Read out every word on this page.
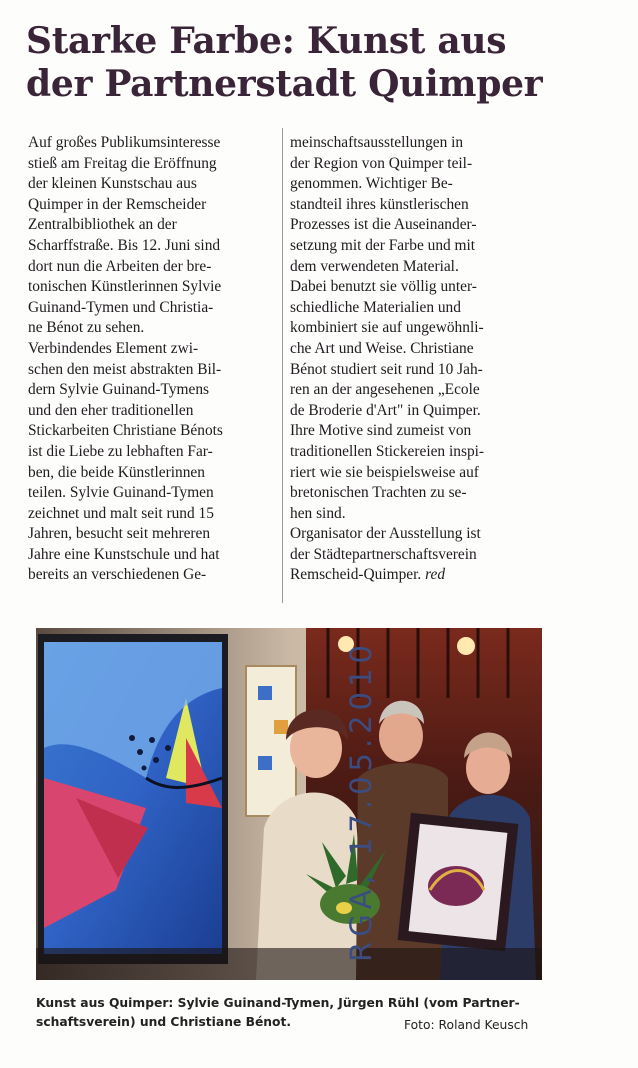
Starke Farbe: Kunst aus
der Partnerstadt Quimper
Auf großes Publikumsinteresse
stieß am Freitag die Eröffnung
der kleinen Kunstschau aus
Quimper in der Remscheider
Zentralbibliothek an der
Scharffstraße. Bis 12. Juni sind
dort nun die Arbeiten der bre-
tonischen Künstlerinnen Sylvie
Guinand-Tymen und Christia-
ne Bénot zu sehen.
Verbindendes Element zwi-
schen den meist abstrakten Bil-
dern Sylvie Guinand-Tymens
und den eher traditionellen
Stickarbeiten Christiane Bénots
ist die Liebe zu lebhaften Far-
ben, die beide Künstlerinnen
teilen. Sylvie Guinand-Tymen
zeichnet und malt seit rund 15
Jahren, besucht seit mehreren
Jahre eine Kunstschule und hat
bereits an verschiedenen Ge-
meinschaftsausstellungen in
der Region von Quimper teil-
genommen. Wichtiger Be-
standteil ihres künstlerischen
Prozesses ist die Auseinander-
setzung mit der Farbe und mit
dem verwendeten Material.
Dabei benutzt sie völlig unter-
schiedliche Materialien und
kombiniert sie auf ungewöhnli-
che Art und Weise. Christiane
Bénot studiert seit rund 10 Jah-
ren an der angesehenen „Ecole
de Broderie d'Art" in Quimper.
Ihre Motive sind zumeist von
traditionellen Stickereien inspi-
riert wie sie beispielsweise auf
bretonischen Trachten zu se-
hen sind.
Organisator der Ausstellung ist
der Städtepartnerschaftsverein
Remscheid-Quimper. red
Kunst aus Quimper: Sylvie Guinand-Tymen, Jürgen Rühl (vom Partner-
schaftsverein) und Christiane Bénot.	Foto: Roland Keusch

RGA, 17.05.2010
